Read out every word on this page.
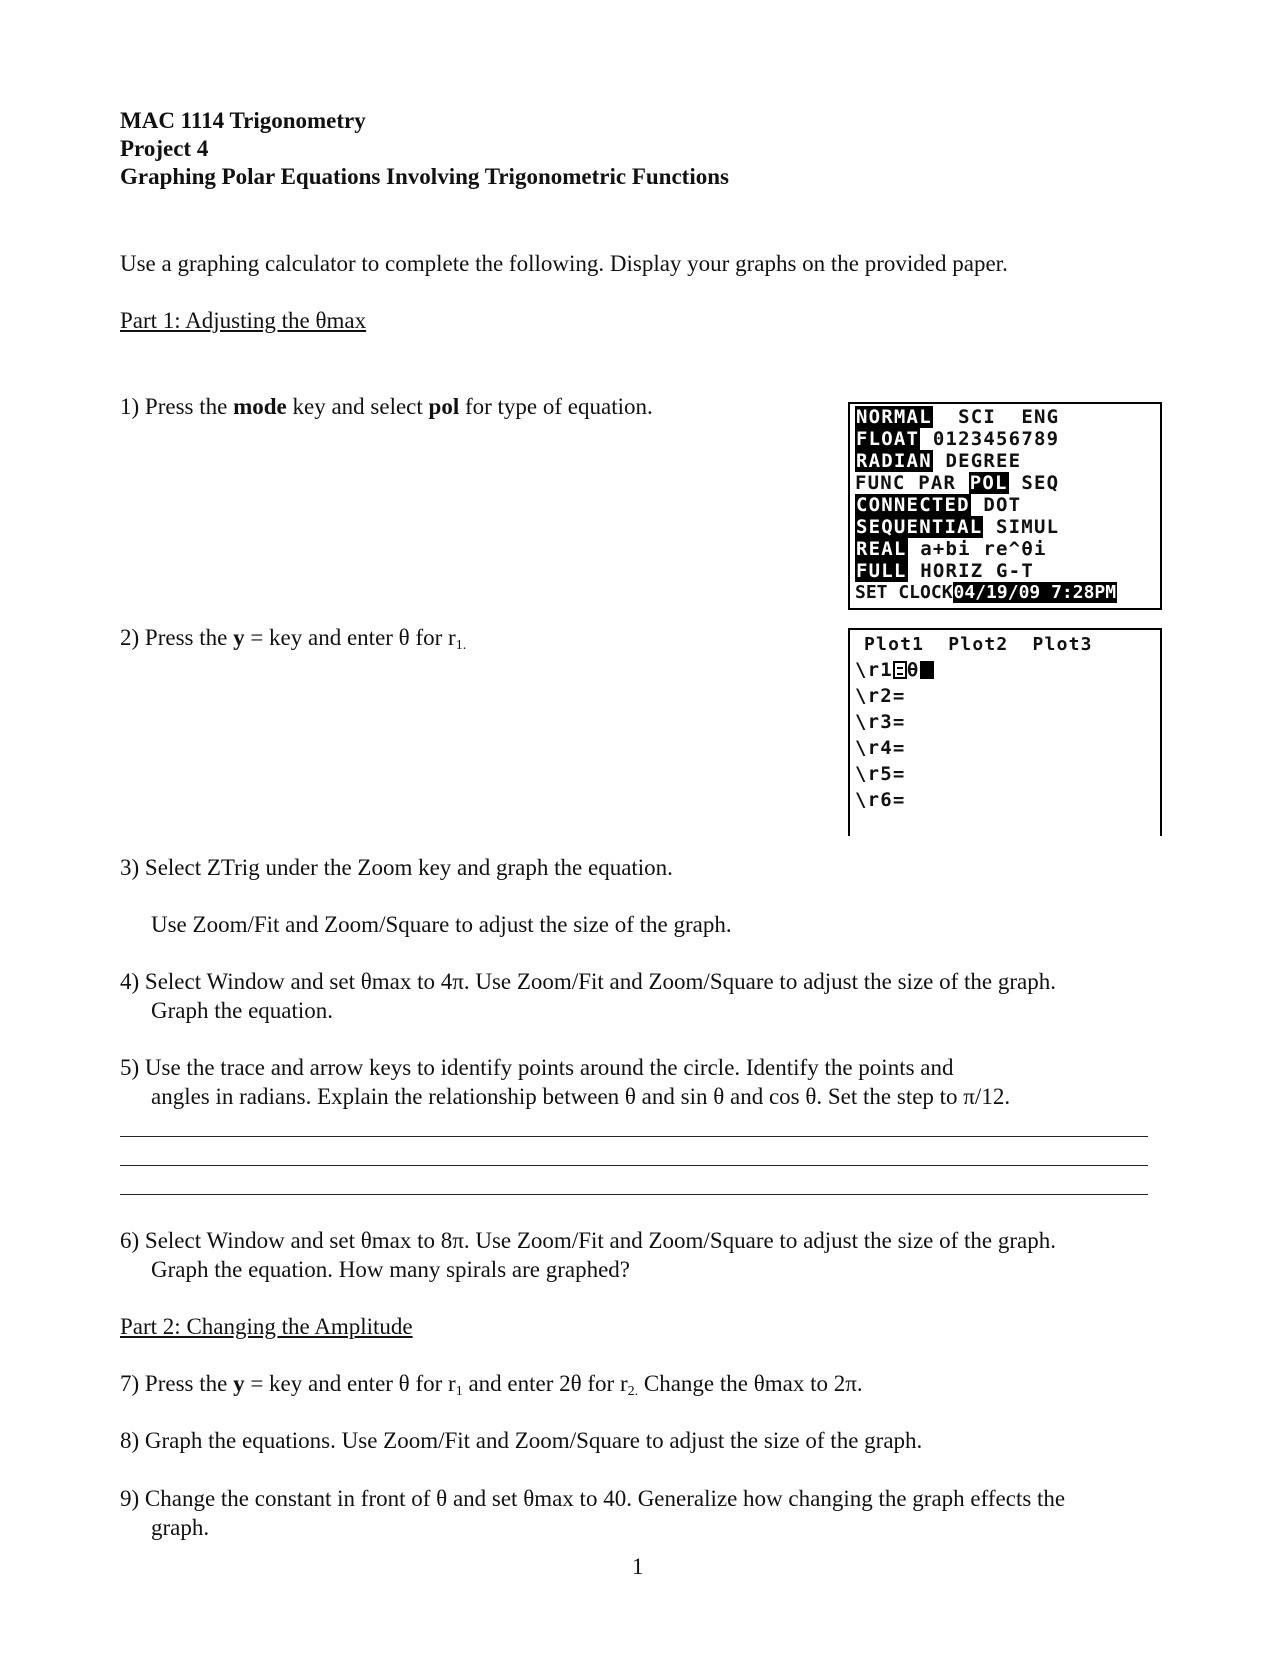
MAC 1114 Trigonometry
Project 4
Graphing Polar Equations Involving Trigonometric Functions
Use a graphing calculator to complete the following. Display your graphs on the provided paper.
Part 1: Adjusting the θmax
1) Press the mode key and select pol for type of equation.	NORMAL SCI ENG
FLOAT 0123456789
RADIAN DEGREE
FUNC PAR POL SEQ
CONNECTED DOT
SEQUENTIAL SIMUL
REAL a+bi re^θi
FULL HORIZ G-T
SET CLOCK04/19/09 7:28PM
2) Press the y = key and enter θ for $r_{1.}$	Plot1  Plot2  Plot3
\r1 θ
\r2=
\r3=
\r4=
\r5=
\r6=
3) Select ZTrig under the Zoom key and graph the equation.
Use Zoom/Fit and Zoom/Square to adjust the size of the graph.
4) Select Window and set θmax to 4π. Use Zoom/Fit and Zoom/Square to adjust the size of the graph.
Graph the equation.
5) Use the trace and arrow keys to identify points around the circle. Identify the points and
angles in radians. Explain the relationship between θ and sin θ and cos θ. Set the step to π/12.
6) Select Window and set θmax to 8π. Use Zoom/Fit and Zoom/Square to adjust the size of the graph.
Graph the equation. How many spirals are graphed?
Part 2: Changing the Amplitude
7) Press the y = key and enter θ for $r_1$ and enter 2θ for $r_{2.}$ Change the θmax to 2π.
8) Graph the equations. Use Zoom/Fit and Zoom/Square to adjust the size of the graph.
9) Change the constant in front of θ and set θmax to 40. Generalize how changing the graph effects the
graph.
1
